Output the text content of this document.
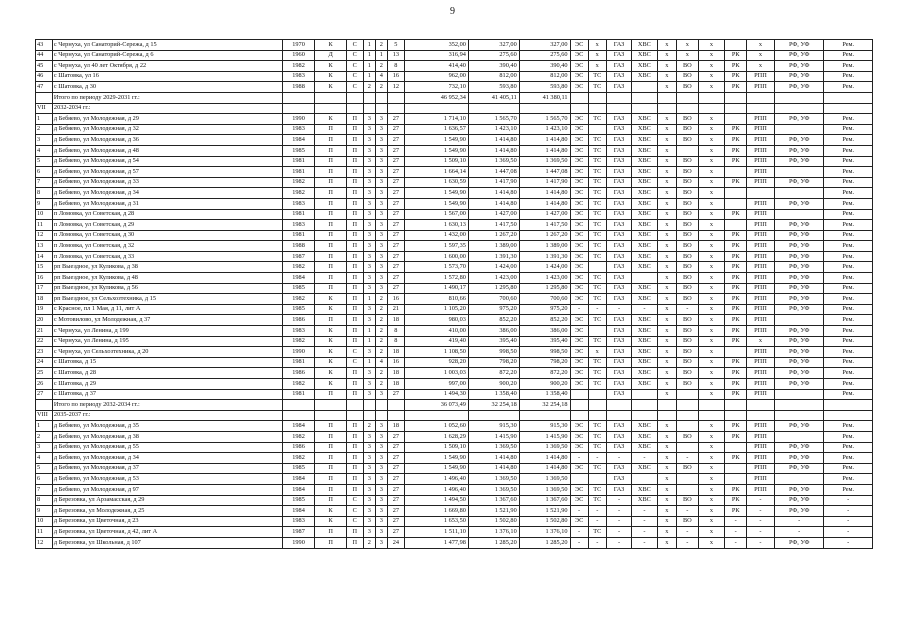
9
43	с Чернуха, ул Санаторий-Сережа, д 15	1970	К	С	1	2	5	352,00	327,00	327,00	ЭС	х	ГАЗ	ХВС	х	х	х		х	РФ, УФ	Рем.
44	с Чернуха, ул Санаторий-Сережа, д 6	1960	Д	С	1	1	13	316,94	275,60	275,60	ЭС	х	ГАЗ	ХВС	х	х	х	РК	х	РФ, УФ	Рем.
45	с Чернуха, ул 40 лет Октября, д 22	1982	К	С	1	2	8	414,40	390,40	390,40	ЭС	х	ГАЗ	ХВС	х	ВО	х	РК	х	РФ, УФ	Рем.
46	с Шатовка, ул 16	1983	К	С	1	4	16	962,00	812,00	812,00	ЭС	ТС	ГАЗ	ХВС	х	ВО	х	РК	РПП	РФ, УФ	Рем.
47	с Шатовка, д 30	1988	К	С	2	2	12	732,10	593,80	593,80	ЭС	ТС	ГАЗ		х	ВО	х	РК	РПП	РФ, УФ	Рем.
	Итого по периоду 2029-2031 гг.:							46 952,34	41 405,11	41 380,11											
VII	2032-2034 гг.:																				
1	д Бебяево, ул Молодежная, д 29	1990	К	П	3	3	27	1 714,10	1 565,70	1 565,70	ЭС	ТС	ГАЗ	ХВС	х	ВО	х		РПП	РФ, УФ	Рем.
2	д Бебяево, ул Молодежная, д 32	1983	П	П	3	3	27	1 636,57	1 423,10	1 423,10	ЭС		ГАЗ	ХВС	х	ВО	х	РК	РПП		Рем.
3	д Бебяево, ул Молодежная, д 36	1984	П	П	3	3	27	1 549,90	1 414,80	1 414,80	ЭС	ТС	ГАЗ	ХВС	х	ВО	х	РК	РПП	РФ, УФ	Рем.
4	д Бебяево, ул Молодежная, д 48	1985	П	П	3	3	27	1 549,90	1 414,80	1 414,80	ЭС	ТС	ГАЗ	ХВС	х		х	РК	РПП	РФ, УФ	Рем.
5	д Бебяево, ул Молодежная, д 54	1981	П	П	3	3	27	1 509,10	1 369,50	1 369,50	ЭС	ТС	ГАЗ	ХВС	х	ВО	х	РК	РПП	РФ, УФ	Рем.
6	д Бебяево, ул Молодежная, д 57	1981	П	П	3	3	27	1 664,14	1 447,08	1 447,08	ЭС	ТС	ГАЗ	ХВС	х	ВО	х		РПП		Рем.
7	д Бебяево, ул Молодежная, д 33	1982	П	П	3	3	27	1 630,59	1 417,90	1 417,90	ЭС	ТС	ГАЗ	ХВС	х	ВО	х	РК	РПП	РФ, УФ	Рем.
8	д Бебяево, ул Молодежная, д 34	1982	П	П	3	3	27	1 549,90	1 414,80	1 414,80	ЭС	ТС	ГАЗ	ХВС	х	ВО	х				Рем.
9	д Бебяево, ул Молодежная, д 31	1983	П	П	3	3	27	1 549,90	1 414,80	1 414,80	ЭС	ТС	ГАЗ	ХВС	х	ВО	х		РПП	РФ, УФ	Рем.
10	п Ломовка, ул Советская, д 28	1981	П	П	3	3	27	1 567,00	1 427,00	1 427,00	ЭС	ТС	ГАЗ	ХВС	х	ВО	х	РК	РПП		Рем.
11	п Ломовка, ул Советская, д 29	1983	П	П	3	3	27	1 630,13	1 417,50	1 417,50	ЭС	ТС	ГАЗ	ХВС	х	ВО	х		РПП	РФ, УФ	Рем.
12	п Ломовка, ул Советская, д 30	1981	П	П	3	3	27	1 432,00	1 267,20	1 267,20	ЭС	ТС	ГАЗ	ХВС	х	ВО	х	РК	РПП	РФ, УФ	Рем.
13	п Ломовка, ул Советская, д 32	1988	П	П	3	3	27	1 597,35	1 389,00	1 389,00	ЭС	ТС	ГАЗ	ХВС	х	ВО	х	РК	РПП	РФ, УФ	Рем.
14	п Ломовка, ул Советская, д 33	1987	П	П	3	3	27	1 600,00	1 391,30	1 391,30	ЭС	ТС	ГАЗ	ХВС	х	ВО	х	РК	РПП	РФ, УФ	Рем.
15	рп Выездное, ул Куликова, д 38	1982	П	П	3	3	27	1 573,70	1 424,00	1 424,00	ЭС		ГАЗ	ХВС	х	ВО	х	РК	РПП	РФ, УФ	Рем.
16	рп Выездное, ул Куликова, д 48	1984	П	П	3	3	27	1 572,80	1 423,00	1 423,00	ЭС	ТС	ГАЗ		х	ВО	х	РК	РПП	РФ, УФ	Рем.
17	рп Выездное, ул Куликова, д 56	1985	П	П	3	3	27	1 490,17	1 295,80	1 295,80	ЭС	ТС	ГАЗ	ХВС	х	ВО	х	РК	РПП	РФ, УФ	Рем.
18	рп Выездное, ул Сельхозтехника, д 15	1982	К	П	1	2	16	810,66	700,60	700,60	ЭС	ТС	ГАЗ	ХВС	х	ВО	х	РК	РПП	РФ, УФ	Рем.
19	с Красное, пл 1 Мая, д 11, лит А	1985	К	П	3	2	21	1 105,20	975,20	975,20	-	-	-	-	х	-	х	РК	РПП	РФ, УФ	Рем.
20	с Мотовилово, ул Молодежная, д 37	1986	П	П	3	2	18	980,03	852,20	852,20	ЭС	ТС	ГАЗ	ХВС	х	ВО	х	РК	РПП		Рем.
21	с Чернуха, ул Ленина, д 199	1983	К	П	1	2	8	410,00	386,00	386,00	ЭС		ГАЗ	ХВС	х	ВО	х	РК	РПП	РФ, УФ	Рем.
22	с Чернуха, ул Ленина, д 195	1982	К	П	1	2	8	419,40	395,40	395,40	ЭС	ТС	ГАЗ	ХВС	х	ВО	х	РК	х	РФ, УФ	Рем.
23	с Чернуха, ул Сельхозтехника, д 20	1990	К	С	3	2	18	1 108,50	998,50	998,50	ЭС	х	ГАЗ	ХВС	х	ВО	х		РПП	РФ, УФ	Рем.
24	с Шатовка, д 15	1981	К	С	1	4	16	928,20	798,20	798,20	ЭС	ТС	ГАЗ	ХВС	х	ВО	х	РК	РПП	РФ, УФ	Рем.
25	с Шатовка, д 28	1986	К	П	3	2	18	1 003,03	872,20	872,20	ЭС	ТС	ГАЗ	ХВС	х	ВО	х	РК	РПП	РФ, УФ	Рем.
26	с Шатовка, д 29	1982	К	П	3	2	18	997,00	900,20	900,20	ЭС	ТС	ГАЗ	ХВС	х	ВО	х	РК	РПП	РФ, УФ	Рем.
27	с Шатовка, д 37	1981	П	П	3	3	27	1 494,30	1 358,40	1 358,40			ГАЗ		х		х	РК	РПП		Рем.
	Итого по периоду 2032-2034 гг.:							36 073,49	32 254,18	32 254,18											
VIII	2035-2037 гг.:																				
1	д Бебяево, ул Молодежная, д 35	1984	П	П	2	3	18	1 052,60	915,30	915,30	ЭС	ТС	ГАЗ	ХВС	х		х	РК	РПП	РФ, УФ	Рем.
2	д Бебяево, ул Молодежная, д 38	1982	П	П	3	3	27	1 628,29	1 415,90	1 415,90	ЭС	ТС	ГАЗ	ХВС	х	ВО	х	РК	РПП		Рем.
3	д Бебяево, ул Молодежная, д 55	1986	П	П	3	3	27	1 509,10	1 369,50	1 369,50	ЭС	ТС	ГАЗ	ХВС	х		х		РПП	РФ, УФ	Рем.
4	д Бебяево, ул Молодежная, д 34	1982	П	П	3	3	27	1 549,90	1 414,80	1 414,80	-	-	-	-	х	-	х	РК	РПП	РФ, УФ	Рем.
5	д Бебяево, ул Молодежная, д 37	1985	П	П	3	3	27	1 549,90	1 414,80	1 414,80	ЭС	ТС	ГАЗ	ХВС	х	ВО	х		РПП	РФ, УФ	Рем.
6	д Бебяево, ул Молодежная, д 53	1984	П	П	3	3	27	1 496,40	1 369,50	1 369,50			ГАЗ		х		х		РПП		Рем.
7	д Бебяево, ул Молодежная, д 97	1984	П	П	3	3	27	1 496,40	1 369,50	1 369,50	ЭС	ТС	ГАЗ	ХВС	х		х	РК	РПП	РФ, УФ	Рем.
8	д Березовка, ул Арзамасская, д 29	1985	П	С	3	3	27	1 494,50	1 367,60	1 367,60	ЭС	ТС	-	ХВС	х	ВО	х	РК	-	РФ, УФ	-
9	д Березовка, ул Молодежная, д 25	1984	К	С	3	3	27	1 669,80	1 521,90	1 521,90	-	-	-	-	х	-	х	РК	-	РФ, УФ	-
10	д Березовка, ул Цветочная, д 23	1983	К	С	3	3	27	1 653,50	1 502,80	1 502,80	ЭС	-	-	-	х	ВО	х	-	-	-	-
11	д Березовка, ул Цветочная, д 42, лит А	1987	П	П	3	3	27	1 511,10	1 376,10	1 376,10	-	ТС	-	-	х	-	х	-	-	-	-
12	д Березовка, ул Школьная, д 107	1990	П	П	2	3	24	1 477,98	1 285,20	1 285,20	-	-	-	-	х	-	х	-	-	РФ, УФ	-
